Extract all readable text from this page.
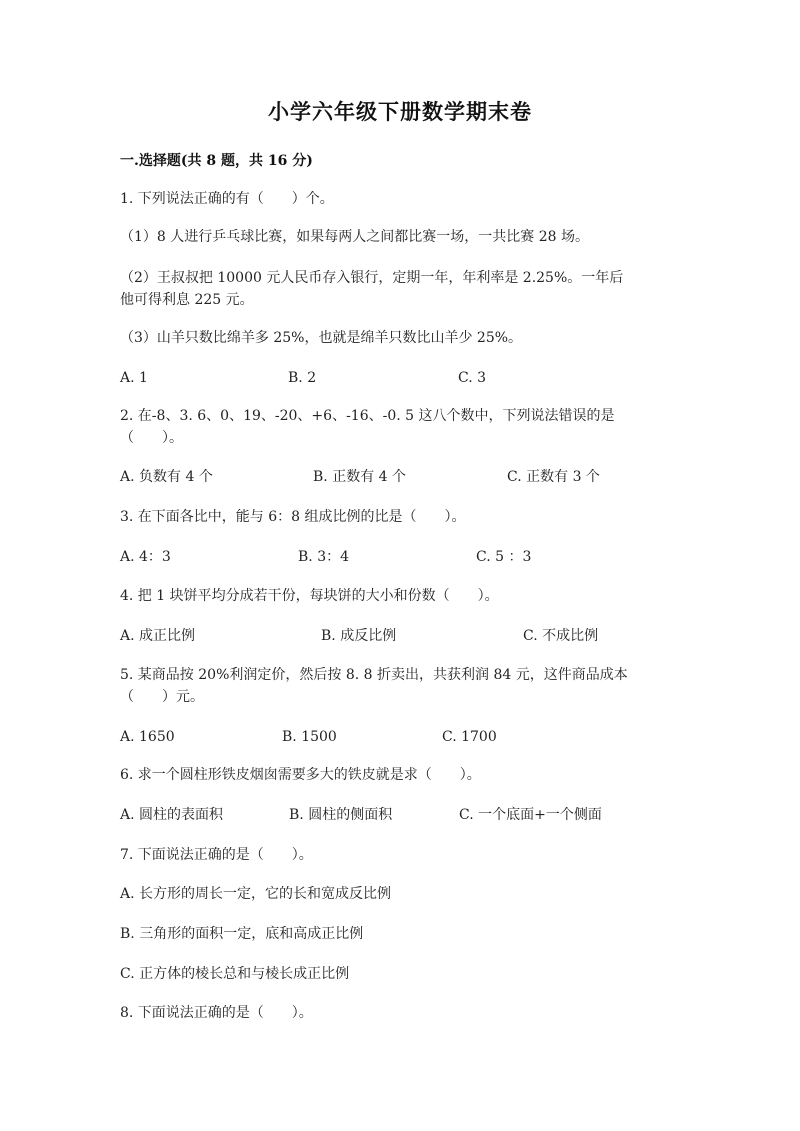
小学六年级下册数学期末卷
一.选择题(共 8 题，共 16 分)
1. 下列说法正确的有（　　）个。
（1）8 人进行乒乓球比赛，如果每两人之间都比赛一场，一共比赛 28 场。
（2）王叔叔把 10000 元人民币存入银行，定期一年，年利率是 2.25%。一年后
他可得利息 225 元。
（3）山羊只数比绵羊多 25%，也就是绵羊只数比山羊少 25%。
A. 1	B. 2	C. 3
2. 在-8、3. 6、0、19、-20、+6、-16、-0. 5 这八个数中，下列说法错误的是
（　　）。
A. 负数有 4 个	B. 正数有 4 个	C. 正数有 3 个
3. 在下面各比中，能与 6：8 组成比例的比是（　　）。
A. 4：3	B. 3：4	C. 5 ：3
4. 把 1 块饼平均分成若干份，每块饼的大小和份数（　　）。
A. 成正比例	B. 成反比例	C. 不成比例
5. 某商品按 20%利润定价，然后按 8. 8 折卖出，共获利润 84 元，这件商品成本
（　　）元。
A. 1650	B. 1500	C. 1700
6. 求一个圆柱形铁皮烟囱需要多大的铁皮就是求（　　）。
A. 圆柱的表面积	B. 圆柱的侧面积	C. 一个底面+一个侧面
7. 下面说法正确的是（　　）。
A. 长方形的周长一定，它的长和宽成反比例
B. 三角形的面积一定，底和高成正比例
C. 正方体的棱长总和与棱长成正比例
8. 下面说法正确的是（　　）。
